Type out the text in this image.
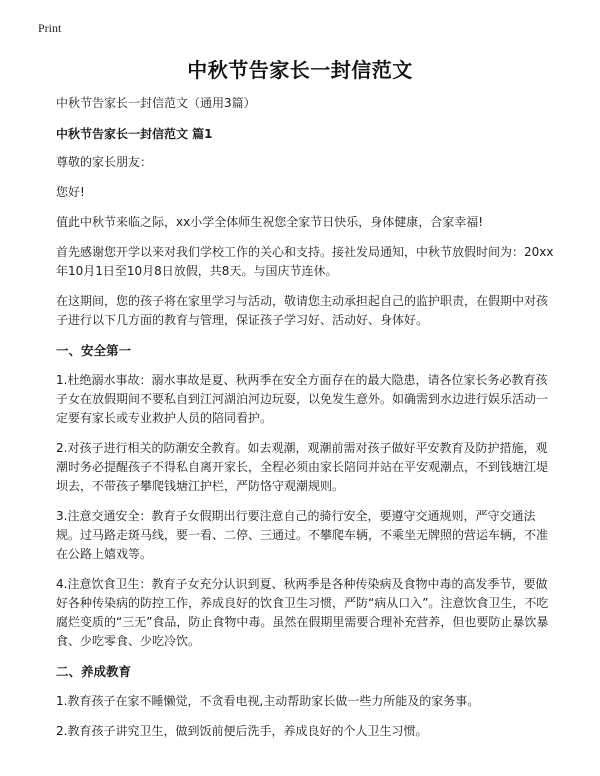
Print
中秋节告家长一封信范文

中秋节告家长一封信范文（通用3篇）

中秋节告家长一封信范文 篇1

尊敬的家长朋友：

您好!

值此中秋节来临之际，xx小学全体师生祝您全家节日快乐，身体健康，合家幸福!

首先感谢您开学以来对我们学校工作的关心和支持。接社发局通知，中秋节放假时间为：20xx年10月1日至10月8日放假，共8天。与国庆节连休。

在这期间，您的孩子将在家里学习与活动，敬请您主动承担起自己的监护职责，在假期中对孩子进行以下几方面的教育与管理，保证孩子学习好、活动好、身体好。

一、安全第一

1.杜绝溺水事故：溺水事故是夏、秋两季在安全方面存在的最大隐患，请各位家长务必教育孩子女在放假期间不要私自到江河湖泊河边玩耍，以免发生意外。如确需到水边进行娱乐活动一定要有家长或专业救护人员的陪同看护。

2.对孩子进行相关的防潮安全教育。如去观潮，观潮前需对孩子做好平安教育及防护措施，观潮时务必提醒孩子不得私自离开家长，全程必须由家长陪同并站在平安观潮点，不到钱塘江堤坝去，不带孩子攀爬钱塘江护栏，严防恪守观潮规则。

3.注意交通安全：教育子女假期出行要注意自己的骑行安全，要遵守交通规则，严守交通法规。过马路走斑马线，要一看、二停、三通过。不攀爬车辆，不乘坐无牌照的营运车辆，不准在公路上嬉戏等。

4.注意饮食卫生：教育子女充分认识到夏、秋两季是各种传染病及食物中毒的高发季节，要做好各种传染病的防控工作，养成良好的饮食卫生习惯，严防“病从口入”。注意饮食卫生，不吃腐烂变质的“三无”食品，防止食物中毒。虽然在假期里需要合理补充营养，但也要防止暴饮暴食、少吃零食、少吃冷饮。

二、养成教育

1.教育孩子在家不睡懒觉，不贪看电视,主动帮助家长做一些力所能及的家务事。

2.教育孩子讲究卫生，做到饭前便后洗手，养成良好的个人卫生习惯。
